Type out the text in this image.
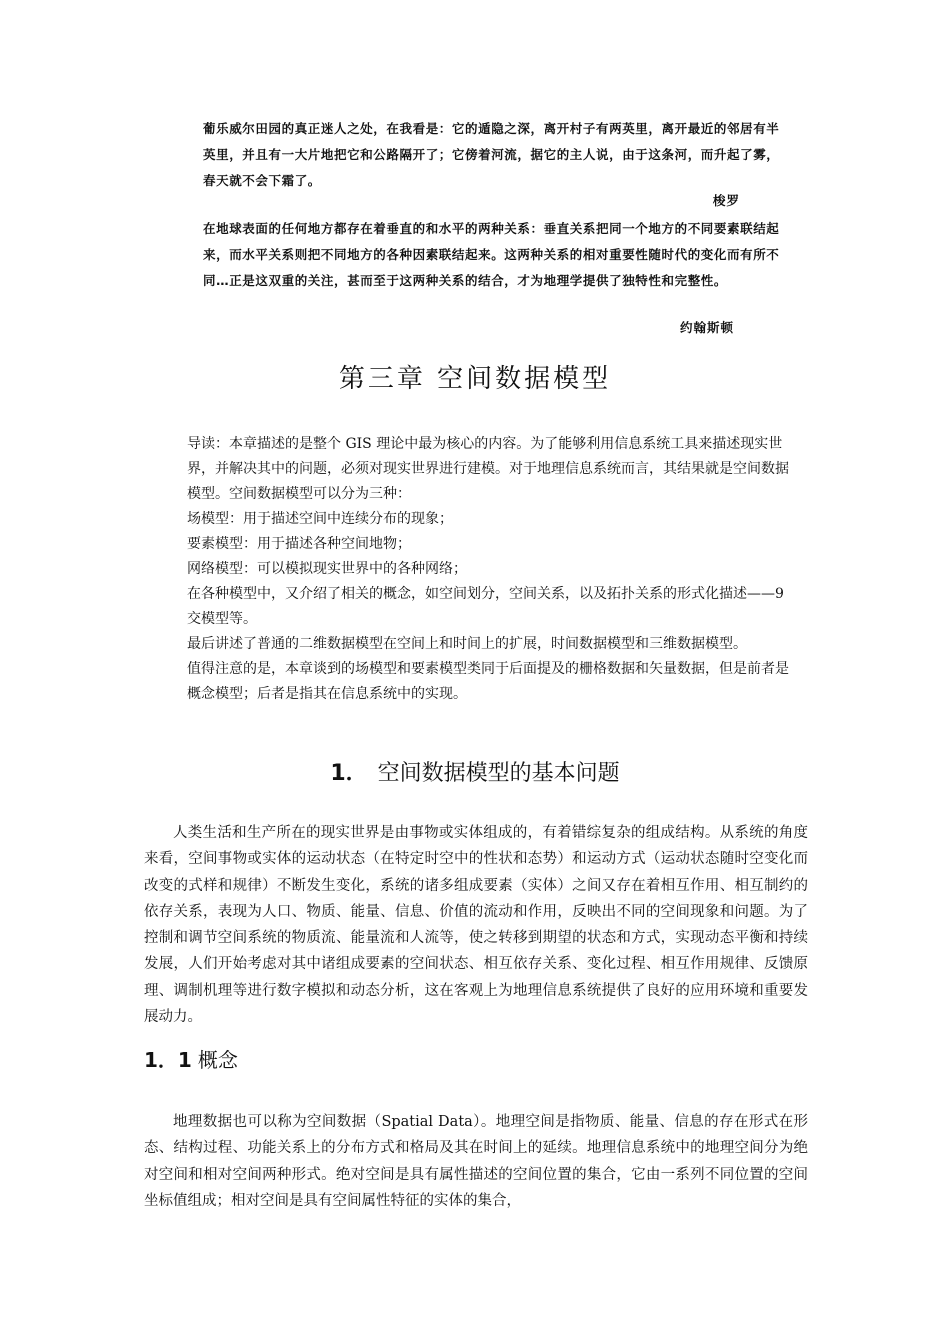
葡乐威尔田园的真正迷人之处，在我看是：它的遁隐之深，离开村子有两英里，离开最近的邻居有半英里，并且有一大片地把它和公路隔开了；它傍着河流，据它的主人说，由于这条河，而升起了雾，春天就不会下霜了。
梭罗
在地球表面的任何地方都存在着垂直的和水平的两种关系：垂直关系把同一个地方的不同要素联结起来，而水平关系则把不同地方的各种因素联结起来。这两种关系的相对重要性随时代的变化而有所不同…正是这双重的关注，甚而至于这两种关系的结合，才为地理学提供了独特性和完整性。
约翰斯顿
第三章 空间数据模型

导读：本章描述的是整个 GIS 理论中最为核心的内容。为了能够利用信息系统工具来描述现实世界，并解决其中的问题，必须对现实世界进行建模。对于地理信息系统而言，其结果就是空间数据模型。空间数据模型可以分为三种：

场模型：用于描述空间中连续分布的现象；

要素模型：用于描述各种空间地物；

网络模型：可以模拟现实世界中的各种网络；

在各种模型中，又介绍了相关的概念，如空间划分，空间关系，以及拓扑关系的形式化描述——9 交模型等。

最后讲述了普通的二维数据模型在空间上和时间上的扩展，时间数据模型和三维数据模型。

值得注意的是，本章谈到的场模型和要素模型类同于后面提及的栅格数据和矢量数据，但是前者是概念模型；后者是指其在信息系统中的实现。

1． 空间数据模型的基本问题

人类生活和生产所在的现实世界是由事物或实体组成的，有着错综复杂的组成结构。从系统的角度来看，空间事物或实体的运动状态（在特定时空中的性状和态势）和运动方式（运动状态随时空变化而改变的式样和规律）不断发生变化，系统的诸多组成要素（实体）之间又存在着相互作用、相互制约的依存关系，表现为人口、物质、能量、信息、价值的流动和作用，反映出不同的空间现象和问题。为了控制和调节空间系统的物质流、能量流和人流等，使之转移到期望的状态和方式，实现动态平衡和持续发展，人们开始考虑对其中诸组成要素的空间状态、相互依存关系、变化过程、相互作用规律、反馈原理、调制机理等进行数字模拟和动态分析，这在客观上为地理信息系统提供了良好的应用环境和重要发展动力。

1．1 概念

地理数据也可以称为空间数据（Spatial Data）。地理空间是指物质、能量、信息的存在形式在形态、结构过程、功能关系上的分布方式和格局及其在时间上的延续。地理信息系统中的地理空间分为绝对空间和相对空间两种形式。绝对空间是具有属性描述的空间位置的集合，它由一系列不同位置的空间坐标值组成；相对空间是具有空间属性特征的实体的集合，
